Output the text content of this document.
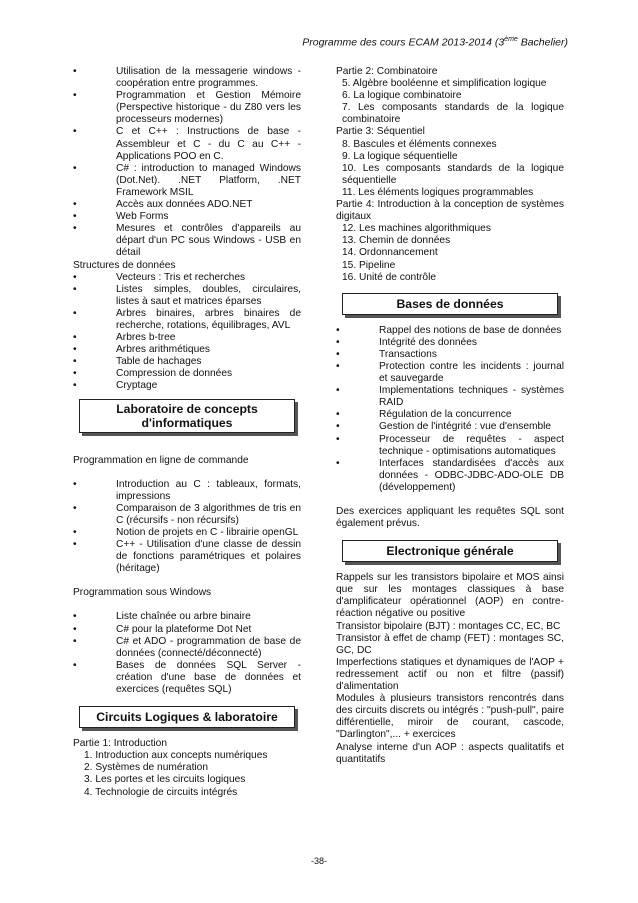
Programme des cours ECAM 2013-2014 (3ème Bachelier)
•	Utilisation de la messagerie windows - coopération entre programmes.
•	Programmation et Gestion Mémoire (Perspective historique - du Z80 vers les processeurs modernes)
•	C et C++ : Instructions de base - Assembleur et C - du C au C++ - Applications POO en C.
•	C# : introduction to managed Windows (Dot.Net). .NET Platform, .NET Framework MSIL
•	Accès aux données ADO.NET
•	Web Forms
•	Mesures et contrôles d'appareils au départ d'un PC sous Windows - USB en détail
Structures de données
•	Vecteurs : Tris et recherches
•	Listes simples, doubles, circulaires, listes à saut et matrices éparses
•	Arbres binaires, arbres binaires de recherche, rotations, équilibrages, AVL
•	Arbres b-tree
•	Arbres arithmétiques
•	Table de hachages
•	Compression de données
•	Cryptage
Laboratoire de concepts
d'informatiques
Programmation en ligne de commande
•	Introduction au C : tableaux, formats, impressions
•	Comparaison de 3 algorithmes de tris en C (récursifs - non récursifs)
•	Notion de projets en C - librairie openGL
•	C++ - Utilisation d'une classe de dessin de fonctions paramétriques et polaires (héritage)
Programmation sous Windows
•	Liste chaînée ou arbre binaire
•	C# pour la plateforme Dot Net
•	C# et ADO - programmation de base de données (connecté/déconnecté)
•	Bases de données SQL Server - création d'une base de données et exercices (requêtes SQL)
Circuits Logiques & laboratoire
Partie 1: Introduction
1. Introduction aux concepts numériques
2. Systèmes de numération
3. Les portes et les circuits logiques
4. Technologie de circuits intégrés
Partie 2: Combinatoire
5. Algèbre booléenne et simplification logique
6. La logique combinatoire
7. Les composants standards de la logique combinatoire
Partie 3: Séquentiel
8. Bascules et éléments connexes
9. La logique séquentielle
10. Les composants standards de la logique séquentielle
11. Les éléments logiques programmables
Partie 4: Introduction à la conception de systèmes digitaux
12. Les machines algorithmiques
13. Chemin de données
14. Ordonnancement
15. Pipeline
16. Unité de contrôle
Bases de données
•	Rappel des notions de base de données
•	Intégrité des données
•	Transactions
•	Protection contre les incidents : journal et sauvegarde
•	Implementations techniques - systèmes RAID
•	Régulation de la concurrence
•	Gestion de l'intégrité : vue d'ensemble
•	Processeur de requêtes - aspect technique - optimisations automatiques
•	Interfaces standardisées d'accès aux données - ODBC-JDBC-ADO-OLE DB (développement)
Des exercices appliquant les requêtes SQL sont également prévus.
Electronique générale
Rappels sur les transistors bipolaire et MOS ainsi que sur les montages classiques à base d'amplificateur opérationnel (AOP) en contre-réaction négative ou positive
Transistor bipolaire (BJT) : montages CC, EC, BC
Transistor à effet de champ (FET) : montages SC, GC, DC
Imperfections statiques et dynamiques de l'AOP + redressement actif ou non et filtre (passif) d'alimentation
Modules à plusieurs transistors rencontrés dans des circuits discrets ou intégrés : "push-pull", paire différentielle, miroir de courant, cascode, "Darlington",... + exercices
Analyse interne d'un AOP : aspects qualitatifs et quantitatifs
-38-
